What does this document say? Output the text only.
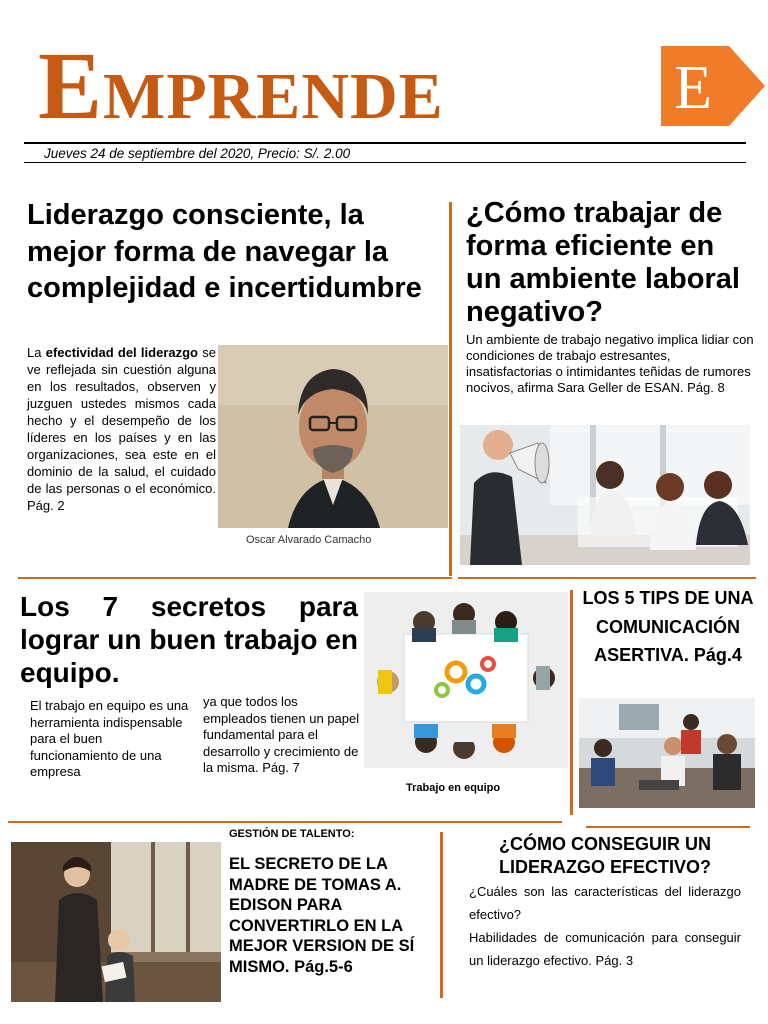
EMPRENDE	E
Jueves 24 de septiembre del 2020, Precio: S/. 2.00
Liderazgo consciente, la mejor forma de navegar la complejidad e incertidumbre
La efectividad del liderazgo se ve reflejada sin cuestión alguna en los resultados, observen y juzguen ustedes mismos cada hecho y el desempeño de los líderes en los países y en las organizaciones, sea este en el dominio de la salud, el cuidado de las personas o el económico. Pág. 2
Oscar Alvarado Camacho
¿Cómo trabajar de forma eficiente en un ambiente laboral negativo?
Un ambiente de trabajo negativo implica lidiar con condiciones de trabajo estresantes, insatisfactorias o intimidantes teñidas de rumores nocivos, afirma Sara Geller de ESAN. Pág. 8
Los 7 secretos para lograr un buen trabajo en equipo.
El trabajo en equipo es una herramienta indispensable para el buen funcionamiento de una empresa
ya que todos los empleados tienen un papel fundamental para el desarrollo y crecimiento de la misma. Pág. 7
Trabajo en equipo
LOS 5 TIPS DE UNA COMUNICACIÓN ASERTIVA. Pág.4
GESTIÓN DE TALENTO:
EL SECRETO DE LA MADRE DE TOMAS A. EDISON PARA CONVERTIRLO EN LA MEJOR VERSION DE SÍ MISMO. Pág.5-6
¿CÓMO CONSEGUIR UN LIDERAZGO EFECTIVO?
¿Cuáles son las características del liderazgo efectivo?
Habilidades de comunicación para conseguir un liderazgo efectivo. Pág. 3
